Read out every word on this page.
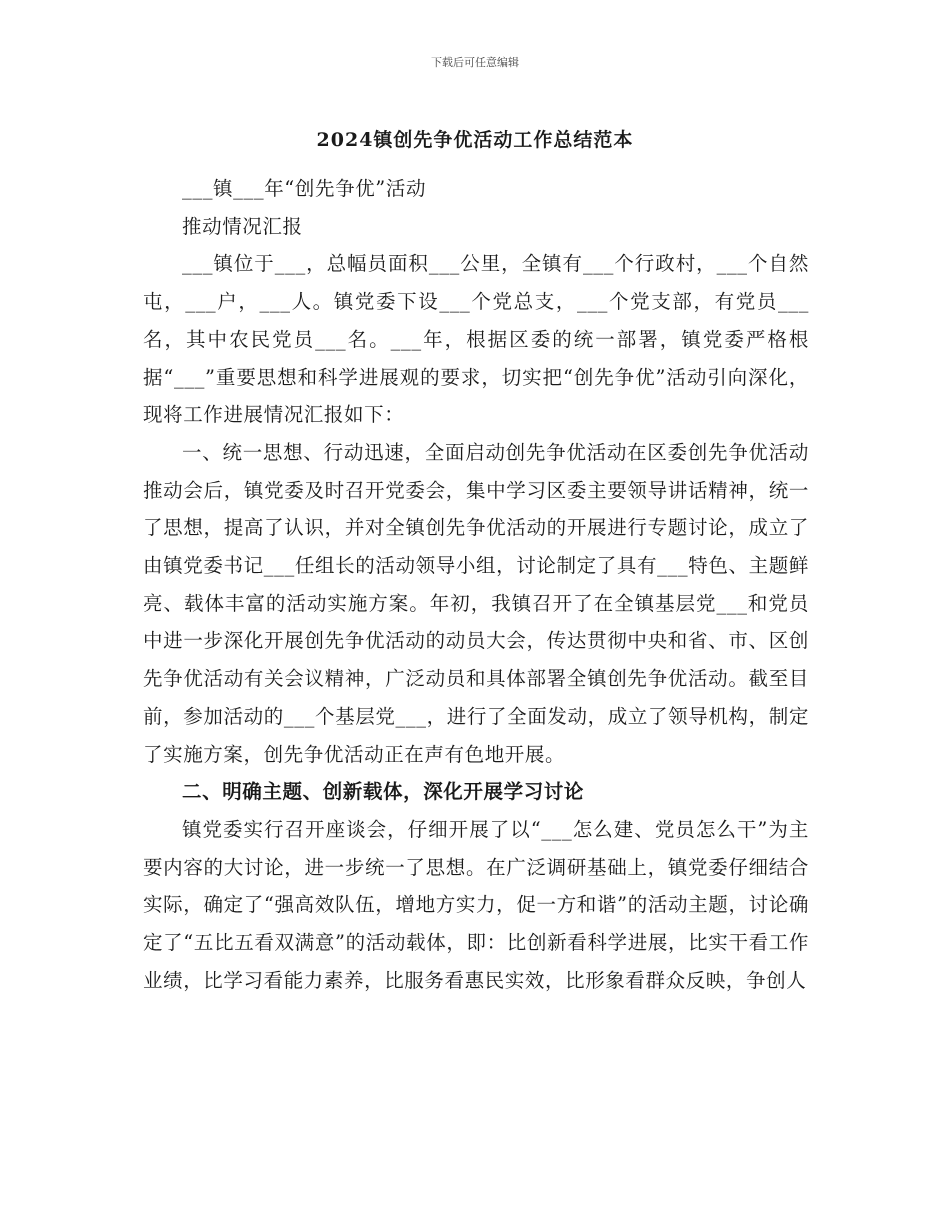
下载后可任意编辑
2024镇创先争优活动工作总结范本

___镇___年“创先争优”活动

推动情况汇报

___镇位于___，总幅员面积___公里，全镇有___个行政村，___个自然屯，___户，___人。镇党委下设___个党总支，___个党支部，有党员___名，其中农民党员___名。___年，根据区委的统一部署，镇党委严格根据“___”重要思想和科学进展观的要求，切实把“创先争优”活动引向深化，现将工作进展情况汇报如下：

一、统一思想、行动迅速，全面启动创先争优活动在区委创先争优活动推动会后，镇党委及时召开党委会，集中学习区委主要领导讲话精神，统一了思想，提高了认识，并对全镇创先争优活动的开展进行专题讨论，成立了由镇党委书记___任组长的活动领导小组，讨论制定了具有___特色、主题鲜亮、载体丰富的活动实施方案。年初，我镇召开了在全镇基层党___和党员中进一步深化开展创先争优活动的动员大会，传达贯彻中央和省、市、区创先争优活动有关会议精神，广泛动员和具体部署全镇创先争优活动。截至目前，参加活动的___个基层党___，进行了全面发动，成立了领导机构，制定了实施方案，创先争优活动正在声有色地开展。

二、明确主题、创新载体，深化开展学习讨论

镇党委实行召开座谈会，仔细开展了以“___怎么建、党员怎么干”为主要内容的大讨论，进一步统一了思想。在广泛调研基础上，镇党委仔细结合实际，确定了“强高效队伍，增地方实力，促一方和谐”的活动主题，讨论确定了“五比五看双满意”的活动载体，即：比创新看科学进展，比实干看工作业绩，比学习看能力素养，比服务看惠民实效，比形象看群众反映，争创人
